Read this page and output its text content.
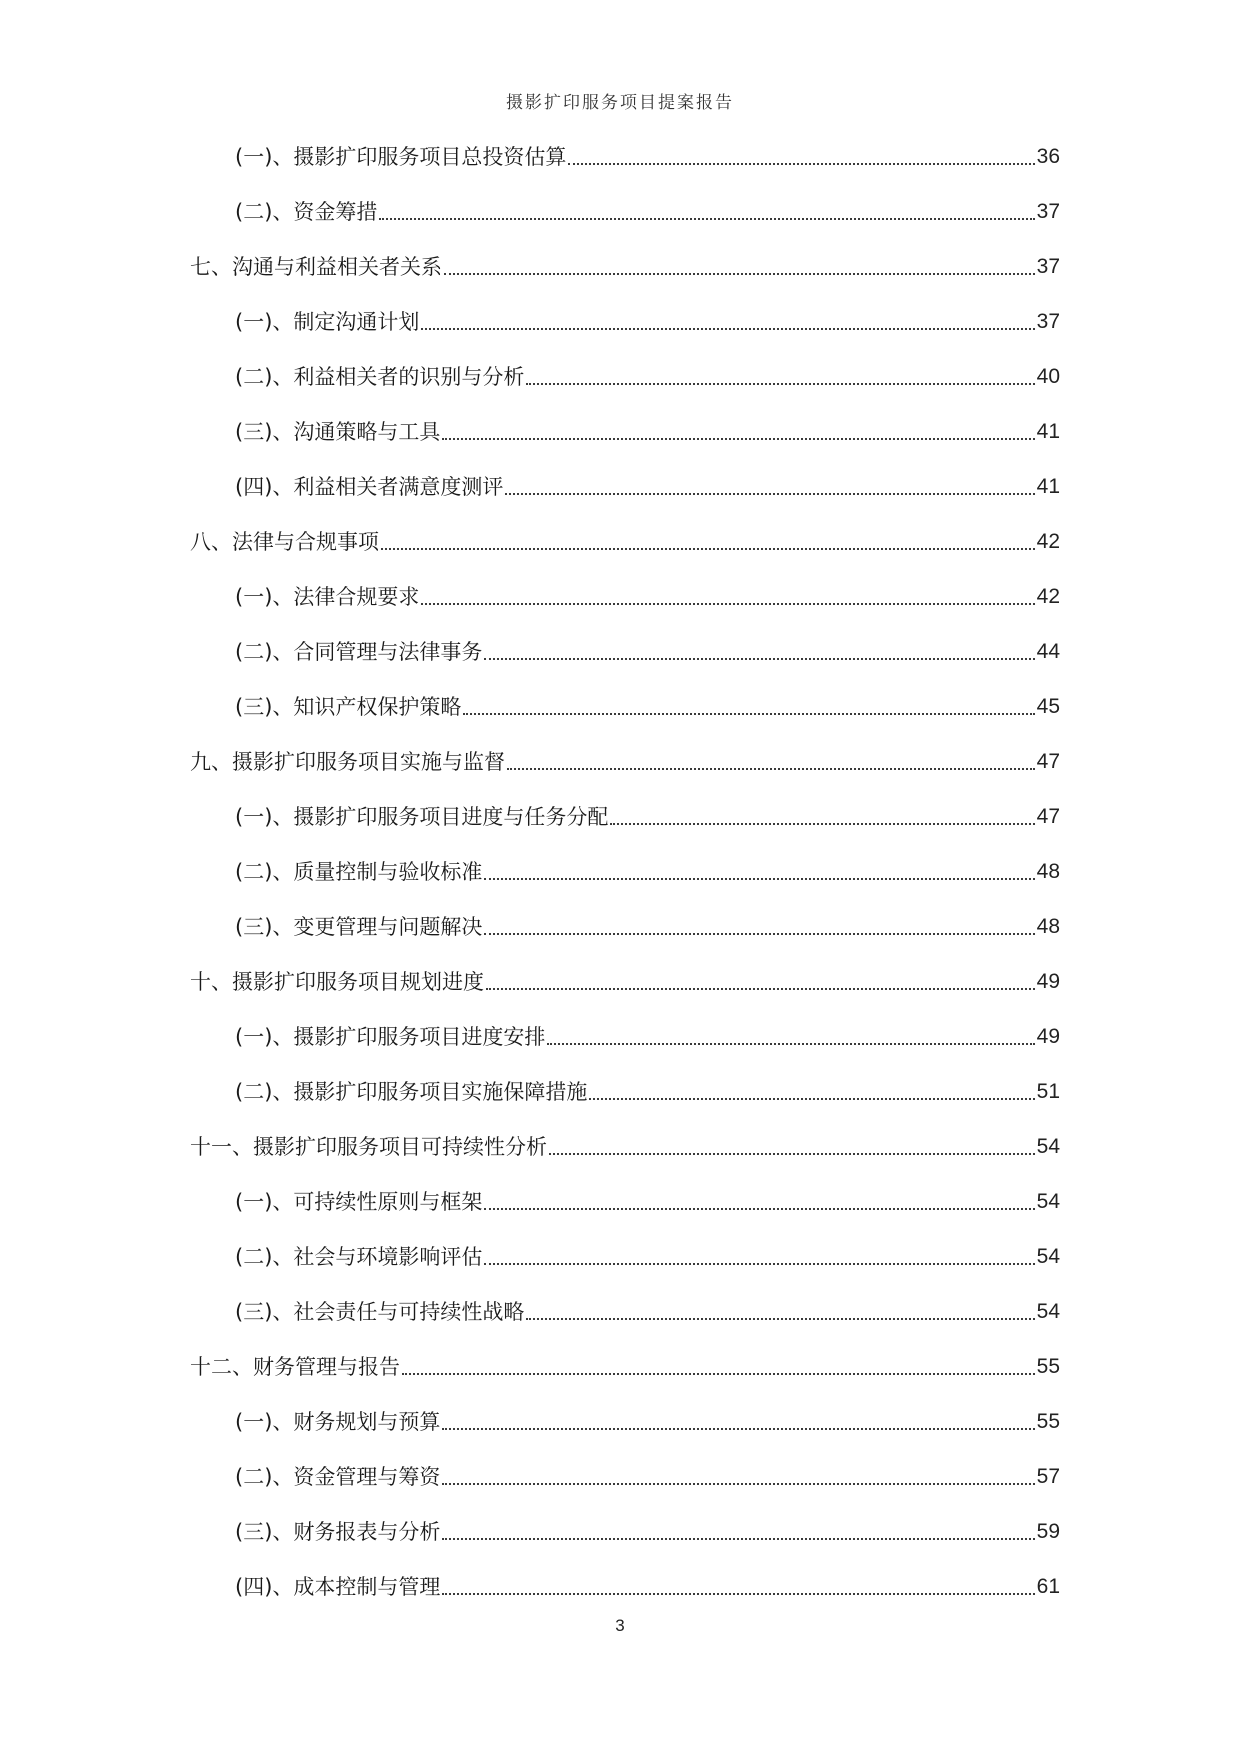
摄影扩印服务项目提案报告
(一)、摄影扩印服务项目总投资估算	36
(二)、资金筹措	37
七、沟通与利益相关者关系	37
(一)、制定沟通计划	37
(二)、利益相关者的识别与分析	40
(三)、沟通策略与工具	41
(四)、利益相关者满意度测评	41
八、法律与合规事项	42
(一)、法律合规要求	42
(二)、合同管理与法律事务	44
(三)、知识产权保护策略	45
九、摄影扩印服务项目实施与监督	47
(一)、摄影扩印服务项目进度与任务分配	47
(二)、质量控制与验收标准	48
(三)、变更管理与问题解决	48
十、摄影扩印服务项目规划进度	49
(一)、摄影扩印服务项目进度安排	49
(二)、摄影扩印服务项目实施保障措施	51
十一、摄影扩印服务项目可持续性分析	54
(一)、可持续性原则与框架	54
(二)、社会与环境影响评估	54
(三)、社会责任与可持续性战略	54
十二、财务管理与报告	55
(一)、财务规划与预算	55
(二)、资金管理与筹资	57
(三)、财务报表与分析	59
(四)、成本控制与管理	61
3
